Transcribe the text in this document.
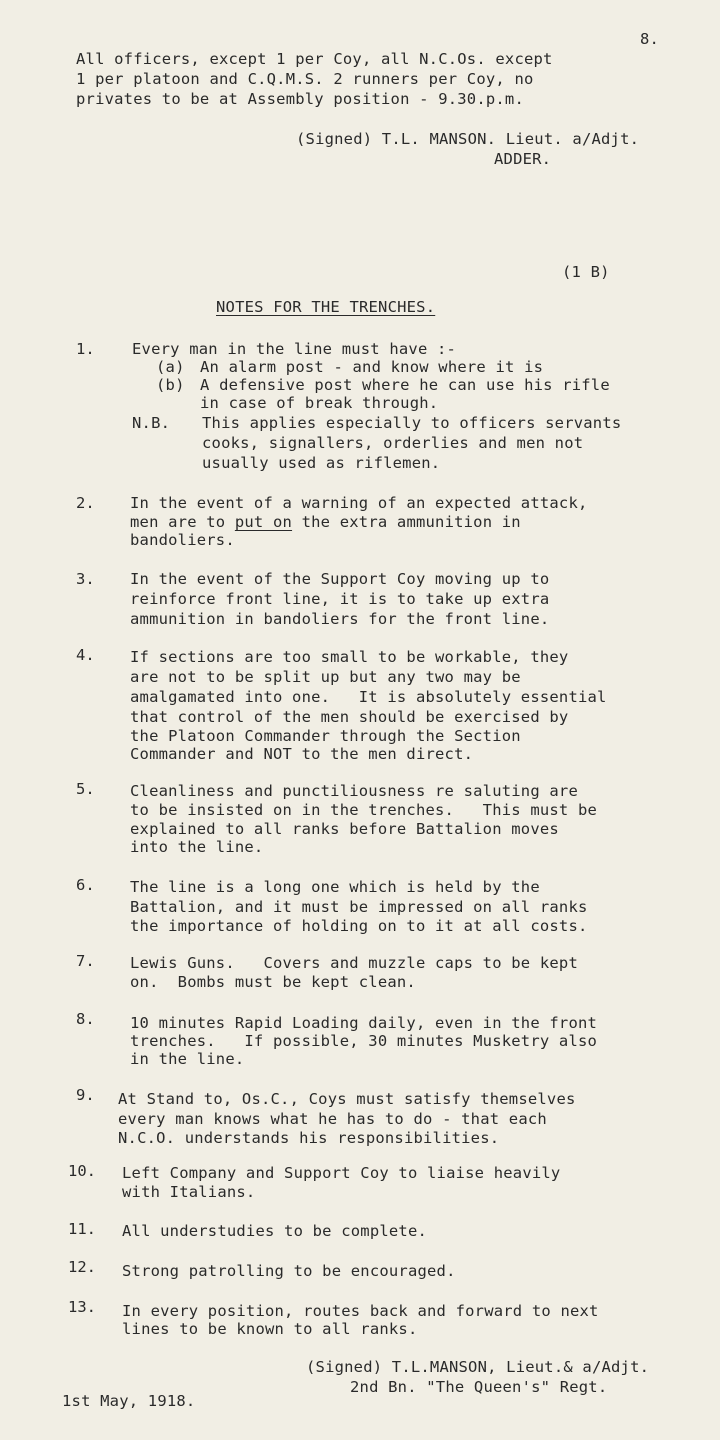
8.
All officers, except 1 per Coy, all N.C.Os. except
1 per platoon and C.Q.M.S. 2 runners per Coy, no
privates to be at Assembly position - 9.30.p.m.
(Signed) T.L. MANSON. Lieut. a/Adjt.
ADDER.
(1 B)
NOTES FOR THE TRENCHES.
1. Every man in the line must have :-
(a) An alarm post - and know where it is
(b) A defensive post where he can use his rifle
in case of break through.
N.B. This applies especially to officers servants
cooks, signallers, orderlies and men not
usually used as riflemen.
2. In the event of a warning of an expected attack,
men are to put on the extra ammunition in
bandoliers.
3. In the event of the Support Coy moving up to
reinforce front line, it is to take up extra
ammunition in bandoliers for the front line.
4. If sections are too small to be workable, they
are not to be split up but any two may be
amalgamated into one.   It is absolutely essential
that control of the men should be exercised by
the Platoon Commander through the Section
Commander and NOT to the men direct.
5. Cleanliness and punctiliousness re saluting are
to be insisted on in the trenches.   This must be
explained to all ranks before Battalion moves
into the line.
6. The line is a long one which is held by the
Battalion, and it must be impressed on all ranks
the importance of holding on to it at all costs.
7. Lewis Guns.   Covers and muzzle caps to be kept
on.  Bombs must be kept clean.
8. 10 minutes Rapid Loading daily, even in the front
trenches.   If possible, 30 minutes Musketry also
in the line.
9. At Stand to, Os.C., Coys must satisfy themselves
every man knows what he has to do - that each
N.C.O. understands his responsibilities.
10. Left Company and Support Coy to liaise heavily
with Italians.
11. All understudies to be complete.
12. Strong patrolling to be encouraged.
13. In every position, routes back and forward to next
lines to be known to all ranks.
(Signed) T.L.MANSON, Lieut.& a/Adjt.
2nd Bn. "The Queen's" Regt.
1st May, 1918.
